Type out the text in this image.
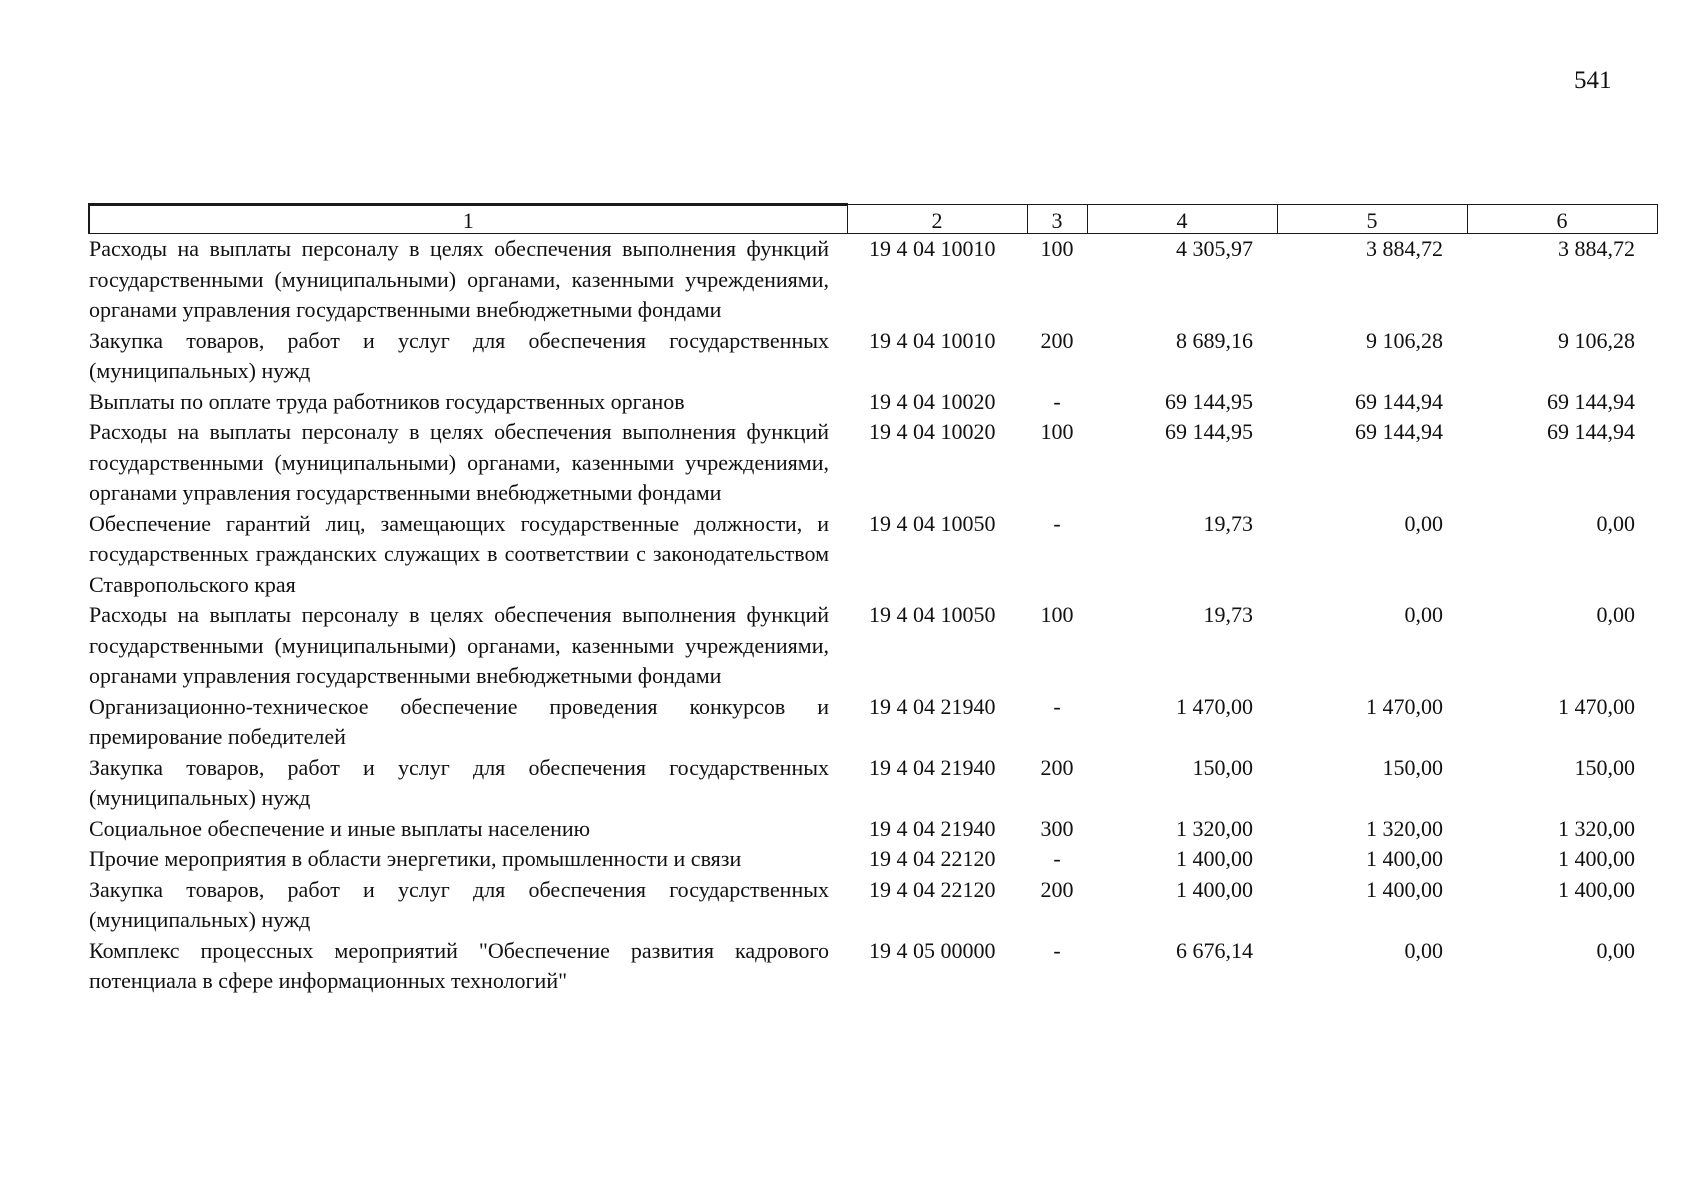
541
1	2	3	4	5	6
Расходы на выплаты персоналу в целях обеспечения выполнения функций государственными (муниципальными) органами, казенными учреждениями, органами управления государственными внебюджетными фондами	19 4 04 10010	100	4 305,97	3 884,72	3 884,72
Закупка товаров, работ и услуг для обеспечения государственных (муниципальных) нужд	19 4 04 10010	200	8 689,16	9 106,28	9 106,28
Выплаты по оплате труда работников государственных органов	19 4 04 10020	-	69 144,95	69 144,94	69 144,94
Расходы на выплаты персоналу в целях обеспечения выполнения функций государственными (муниципальными) органами, казенными учреждениями, органами управления государственными внебюджетными фондами	19 4 04 10020	100	69 144,95	69 144,94	69 144,94
Обеспечение гарантий лиц, замещающих государственные должности, и государственных гражданских служащих в соответствии с законодательством Ставропольского края	19 4 04 10050	-	19,73	0,00	0,00
Расходы на выплаты персоналу в целях обеспечения выполнения функций государственными (муниципальными) органами, казенными учреждениями, органами управления государственными внебюджетными фондами	19 4 04 10050	100	19,73	0,00	0,00
Организационно-техническое обеспечение проведения конкурсов и премирование победителей	19 4 04 21940	-	1 470,00	1 470,00	1 470,00
Закупка товаров, работ и услуг для обеспечения государственных (муниципальных) нужд	19 4 04 21940	200	150,00	150,00	150,00
Социальное обеспечение и иные выплаты населению	19 4 04 21940	300	1 320,00	1 320,00	1 320,00
Прочие мероприятия в области энергетики, промышленности и связи	19 4 04 22120	-	1 400,00	1 400,00	1 400,00
Закупка товаров, работ и услуг для обеспечения государственных (муниципальных) нужд	19 4 04 22120	200	1 400,00	1 400,00	1 400,00
Комплекс процессных мероприятий "Обеспечение развития кадрового потенциала в сфере информационных технологий"	19 4 05 00000	-	6 676,14	0,00	0,00
